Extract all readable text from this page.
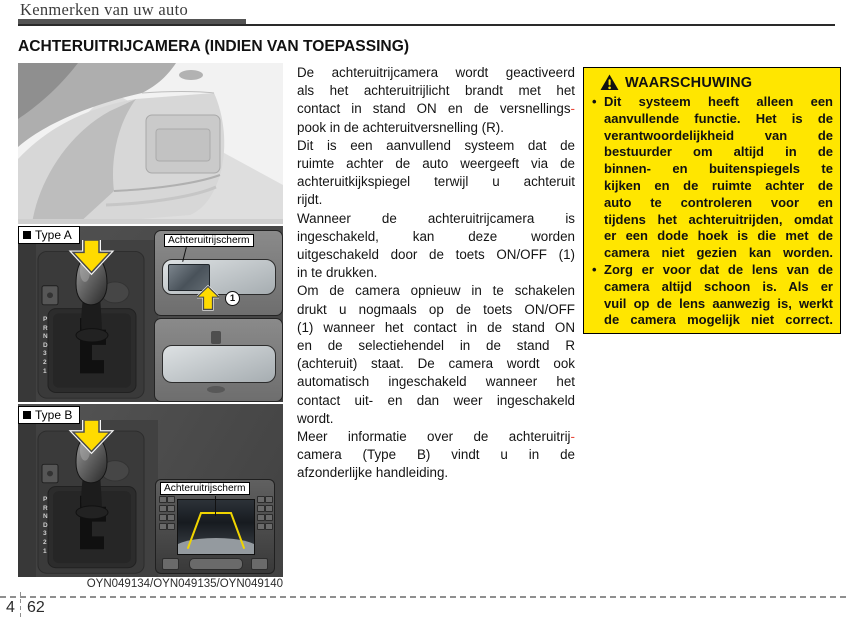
Kenmerken van uw auto
ACHTERUITRIJCAMERA (INDIEN VAN TOEPASSING)
Type A
P
R
N
D
3
2
1
1
Achteruitrijscherm
Type B
P
R
N
D
3
2
1
Achteruitrijscherm
OYN049134/OYN049135/OYN049140
De achteruitrijcamera wordt geactiveerd
als het achteruitrijlicht brandt met het
contact in stand ON en de versnellings-
pook in de achteruitversnelling (R).
Dit is een aanvullend systeem dat de
ruimte achter de auto weergeeft via de
achteruitkijkspiegel terwijl u achteruit
rijdt.
Wanneer de achteruitrijcamera is
ingeschakeld, kan deze worden
uitgeschakeld door de toets ON/OFF (1)
in te drukken.
Om de camera opnieuw in te schakelen
drukt u nogmaals op de toets ON/OFF
(1) wanneer het contact in de stand ON
en de selectiehendel in de stand R
(achteruit) staat. De camera wordt ook
automatisch ingeschakeld wanneer het
contact uit- en dan weer ingeschakeld
wordt.
Meer informatie over de achteruitrij-
camera (Type B) vindt u in de
afzonderlijke handleiding.
WAARSCHUWING
• Dit systeem heeft alleen een
aanvullende functie. Het is de
verantwoordelijkheid van de
bestuurder om altijd in de
binnen- en buitenspiegels te
kijken en de ruimte achter de
auto te controleren voor en
tijdens het achteruitrijden, omdat
er een dode hoek is die met de
camera niet gezien kan worden.
• Zorg er voor dat de lens van de
camera altijd schoon is. Als er
vuil op de lens aanwezig is, werkt
de camera mogelijk niet correct.
4 62
